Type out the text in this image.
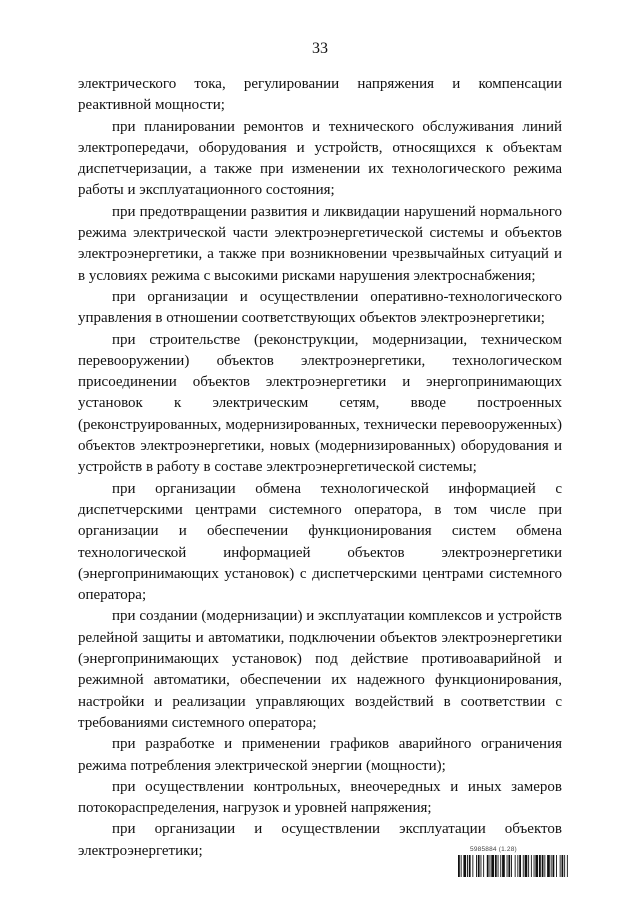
33

электрического тока, регулировании напряжения и компенсации реактивной мощности;

при планировании ремонтов и технического обслуживания линий электропередачи, оборудования и устройств, относящихся к объектам диспетчеризации, а также при изменении их технологического режима работы и эксплуатационного состояния;

при предотвращении развития и ликвидации нарушений нормального режима электрической части электроэнергетической системы и объектов электроэнергетики, а также при возникновении чрезвычайных ситуаций и в условиях режима с высокими рисками нарушения электроснабжения;

при организации и осуществлении оперативно-технологического управления в отношении соответствующих объектов электроэнергетики;

при строительстве (реконструкции, модернизации, техническом перевооружении) объектов электроэнергетики, технологическом присоединении объектов электроэнергетики и энергопринимающих установок к электрическим сетям, вводе построенных (реконструированных, модернизированных, технически перевооруженных) объектов электроэнергетики, новых (модернизированных) оборудования и устройств в работу в составе электроэнергетической системы;

при организации обмена технологической информацией с диспетчерскими центрами системного оператора, в том числе при организации и обеспечении функционирования систем обмена технологической информацией объектов электроэнергетики (энергопринимающих установок) с диспетчерскими центрами системного оператора;

при создании (модернизации) и эксплуатации комплексов и устройств релейной защиты и автоматики, подключении объектов электроэнергетики (энергопринимающих установок) под действие противоаварийной и режимной автоматики, обеспечении их надежного функционирования, настройки и реализации управляющих воздействий в соответствии с требованиями системного оператора;

при разработке и применении графиков аварийного ограничения режима потребления электрической энергии (мощности);

при осуществлении контрольных, внеочередных и иных замеров потокораспределения, нагрузок и уровней напряжения;

при организации и осуществлении эксплуатации объектов электроэнергетики;	5985884 (1.28)
